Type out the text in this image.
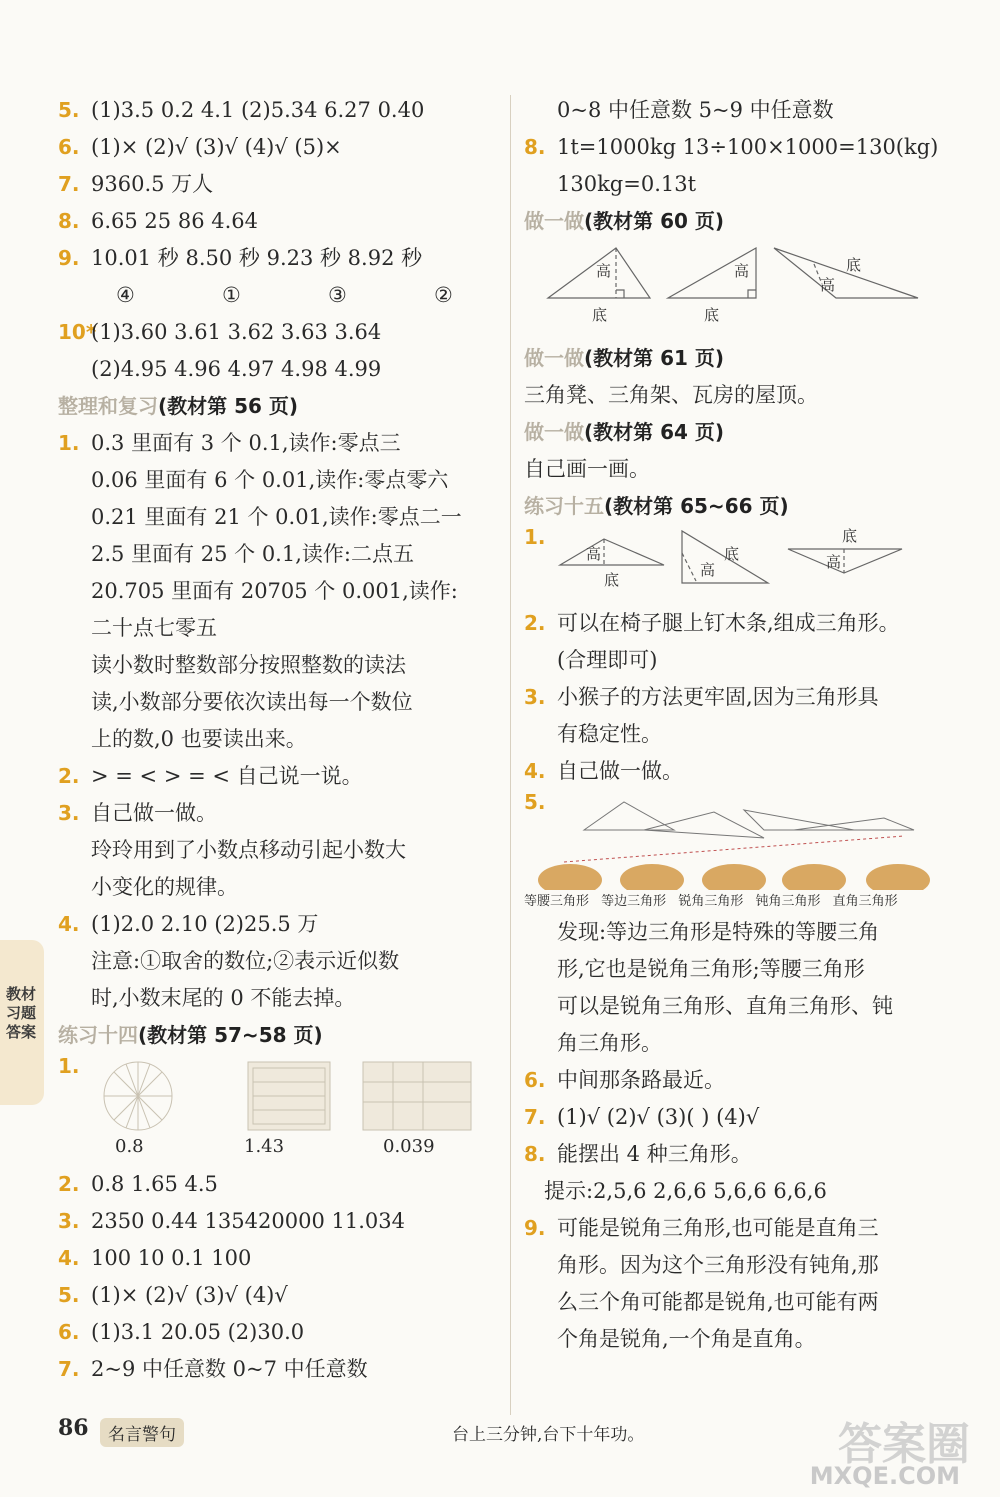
5. (1)3.5 0.2 4.1 (2)5.34 6.27 0.40
6. (1)× (2)√ (3)√ (4)√ (5)×
7. 9360.5 万人
8. 6.65 25 86 4.64
9. 10.01 秒 8.50 秒 9.23 秒 8.92 秒
④	①	③	②
10*(1)3.60 3.61 3.62 3.63 3.64
(2)4.95 4.96 4.97 4.98 4.99
整理和复习(教材第 56 页)
1. 0.3 里面有 3 个 0.1,读作:零点三
0.06 里面有 6 个 0.01,读作:零点零六
0.21 里面有 21 个 0.01,读作:零点二一
2.5 里面有 25 个 0.1,读作:二点五
20.705 里面有 20705 个 0.001,读作:
二十点七零五
读小数时整数部分按照整数的读法
读,小数部分要依次读出每一个数位
上的数,0 也要读出来。
2. > = < > = < 自己说一说。
3. 自己做一做。
玲玲用到了小数点移动引起小数大
小变化的规律。
4. (1)2.0 2.10 (2)25.5 万
注意:①取舍的数位;②表示近似数
时,小数末尾的 0 不能去掉。
练习十四(教材第 57~58 页)
1.
0.8	1.43	0.039
2. 0.8 1.65 4.5
3. 2350 0.44 135420000 11.034
4. 100 10 0.1 100
5. (1)× (2)√ (3)√ (4)√
6. (1)3.1 20.05 (2)30.0
7. 2~9 中任意数 0~7 中任意数
0~8 中任意数 5~9 中任意数
8. 1t=1000kg 13÷100×1000=130(kg)
130kg=0.13t
做一做(教材第 60 页)
高
底
高
底
底
高
做一做(教材第 61 页)
三角凳、三角架、瓦房的屋顶。
做一做(教材第 64 页)
自己画一画。
练习十五(教材第 65~66 页)
1.
高
底
底
高
底
高
2. 可以在椅子腿上钉木条,组成三角形。
(合理即可)
3. 小猴子的方法更牢固,因为三角形具
有稳定性。
4. 自己做一做。
5.
等腰三角形 等边三角形 锐角三角形 钝角三角形 直角三角形
发现:等边三角形是特殊的等腰三角
形,它也是锐角三角形;等腰三角形
可以是锐角三角形、直角三角形、钝
角三角形。
6. 中间那条路最近。
7. (1)√ (2)√ (3)( ) (4)√
8. 能摆出 4 种三角形。
提示:2,5,6 2,6,6 5,6,6 6,6,6
9. 可能是锐角三角形,也可能是直角三
角形。因为这个三角形没有钝角,那
么三个角可能都是锐角,也可能有两
个角是锐角,一个角是直角。
教材习题答案
86	名言警句	台上三分钟,台下十年功。	答案圈
MXQE.COM
